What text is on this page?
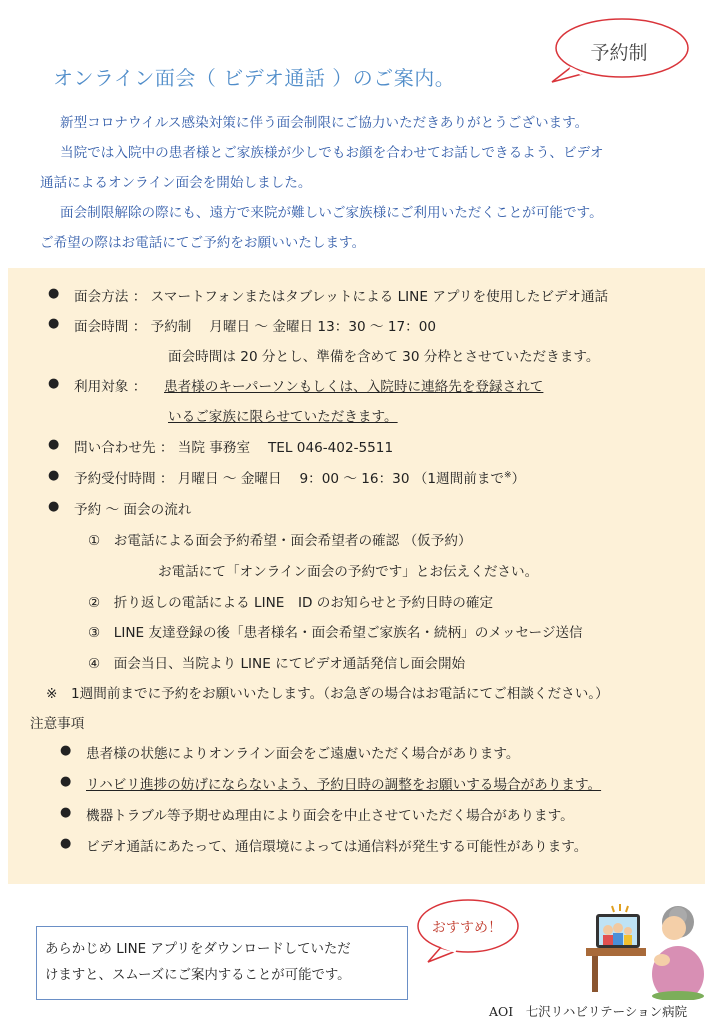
予約制
オンライン面会（ ビデオ通話 ）のご案内。

新型コロナウイルス感染対策に伴う面会制限にご協力いただきありがとうございます。

当院では入院中の患者様とご家族様が少しでもお顔を合わせてお話しできるよう、ビデオ

通話によるオンライン面会を開始しました。

面会制限解除の際にも、遠方で来院が難しいご家族様にご利用いただくことが可能です。

ご希望の際はお電話にてご予約をお願いいたします。

● 面会方法 ： スマートフォンまたはタブレットによる LINE アプリを使用したビデオ通話
● 面会時間 ： 予約制　 月曜日 ～ 金曜日 13：30 ～ 17：00
面会時間は 20 分とし、準備を含めて 30 分枠とさせていただきます。
● 利用対象 ： 患者様のキーパーソンもしくは、入院時に連絡先を登録されて
いるご家族に限らせていただきます。
● 問い合わせ先 ： 当院 事務室　 TEL 046-402-5511
● 予約受付時間 ： 月曜日 ～ 金曜日　 9：00 ～ 16：30 （1週間前まで※）
● 予約 ～ 面会の流れ
①　お電話による面会予約希望・面会希望者の確認 （仮予約）
お電話にて「オンライン面会の予約です」とお伝えください。
②　折り返しの電話による LINE　ID のお知らせと予約日時の確定
③　LINE 友達登録の後「患者様名・面会希望ご家族名・続柄」のメッセージ送信
④　面会当日、当院より LINE にてビデオ通話発信し面会開始
※　1週間前までに予約をお願いいたします。（お急ぎの場合はお電話にてご相談ください。）
注意事項
● 患者様の状態によりオンライン面会をご遠慮いただく場合があります。
● リハビリ進捗の妨げにならないよう、予約日時の調整をお願いする場合があります。
● 機器トラブル等予期せぬ理由により面会を中止させていただく場合があります。
● ビデオ通話にあたって、通信環境によっては通信料が発生する可能性があります。

あらかじめ LINE アプリをダウンロードしていただ

けますと、スムーズにご案内することが可能です。

おすすめ！
AOI　七沢リハビリテーション病院
